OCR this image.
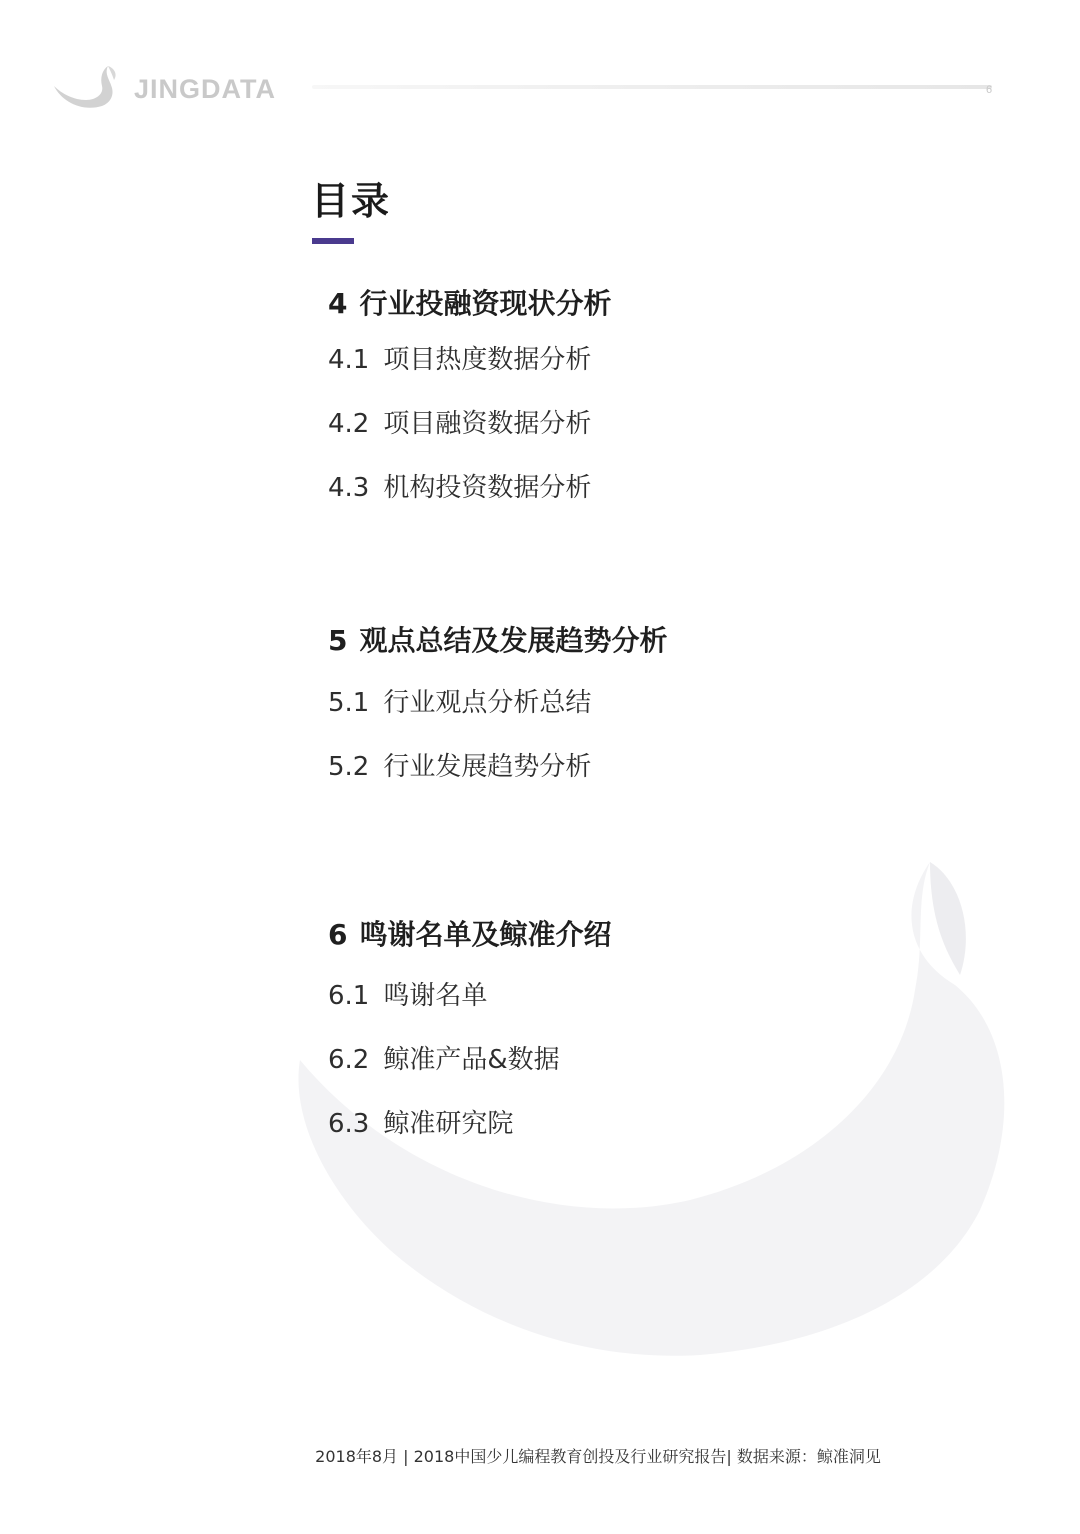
JINGDATA	6
目录
4 行业投融资现状分析
4.1 项目热度数据分析
4.2 项目融资数据分析
4.3 机构投资数据分析
5 观点总结及发展趋势分析
5.1 行业观点分析总结
5.2 行业发展趋势分析
6 鸣谢名单及鲸准介绍
6.1 鸣谢名单
6.2 鲸准产品&数据
6.3 鲸准研究院
2018年8月 | 2018中国少儿编程教育创投及行业研究报告| 数据来源：鲸准洞见
